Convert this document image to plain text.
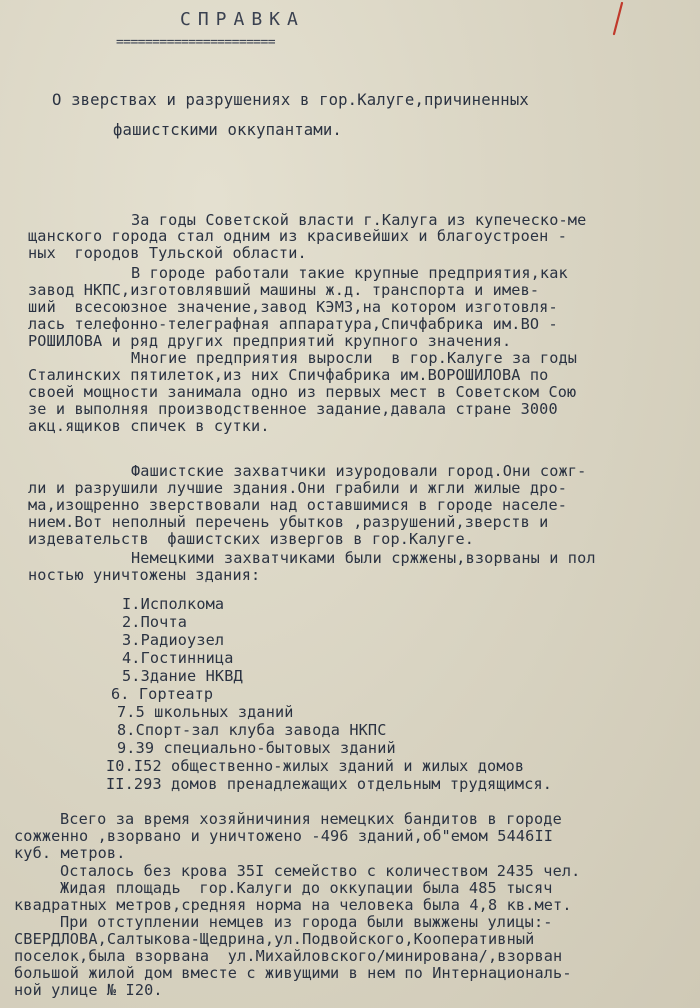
СПРАВКА
======================
О зверствах и разрушениях в гор.Калуге,причиненных
фашистскими оккупантами.
За годы Советской власти г.Калуга из купеческо-ме
щанского города стал одним из красивейших и благоустроен -
ных  городов Тульской области.
В городе работали такие крупные предприятия,как
завод НКПС,изготовлявший машины ж.д. транспорта и имев-
ший  всесоюзное значение,завод КЭМЗ,на котором изготовля-
лась телефонно-телеграфная аппаратура,Спичфабрика им.ВО -
РОШИЛОВА и ряд других предприятий крупного значения.
Многие предприятия выросли  в гор.Калуге за годы
Сталинских пятилеток,из них Спичфабрика им.ВОРОШИЛОВА по
своей мощности занимала одно из первых мест в Советском Сою
зе и выполняя производственное задание,давала стране 3000
акц.ящиков спичек в сутки.
Фашистские захватчики изуродовали город.Они сожг-
ли и разрушили лучшие здания.Они грабили и жгли жилые дро-
ма,изощренно зверствовали над оставшимися в городе населе-
нием.Вот неполный перечень убытков ,разрушений,зверств и
издевательств  фашистских извергов в гор.Калуге.
Немецкими захватчиками были сржжены,взорваны и пол
ностью уничтожены здания:
I.Исполкома
2.Почта
3.Радиоузел
4.Гостинница
5.Здание НКВД
6. Гортеатр
7.5 школьных зданий
8.Спорт-зал клуба завода НКПС
9.39 специально-бытовых зданий
I0.I52 общественно-жилых зданий и жилых домов
II.293 домов пренадлежащих отдельным трудящимся.
Всего за время хозяйничиния немецких бандитов в городе
сожженно ,взорвано и уничтожено -496 зданий,об"емом 5446II
куб. метров.
Осталось без крова 35I семейство с количеством 2435 чел.
Жидая площадь  гор.Калуги до оккупации была 485 тысяч
квадратных метров,средняя норма на человека была 4,8 кв.мет.
При отступлении немцев из города были выжжены улицы:-
СВЕРДЛОВА,Салтыкова-Щедрина,ул.Подвойского,Кооперативный
поселок,была взорвана  ул.Михайловского/минирована/,взорван
большой жилой дом вместе с живущими в нем по Интернациональ-
ной улице № I20.
